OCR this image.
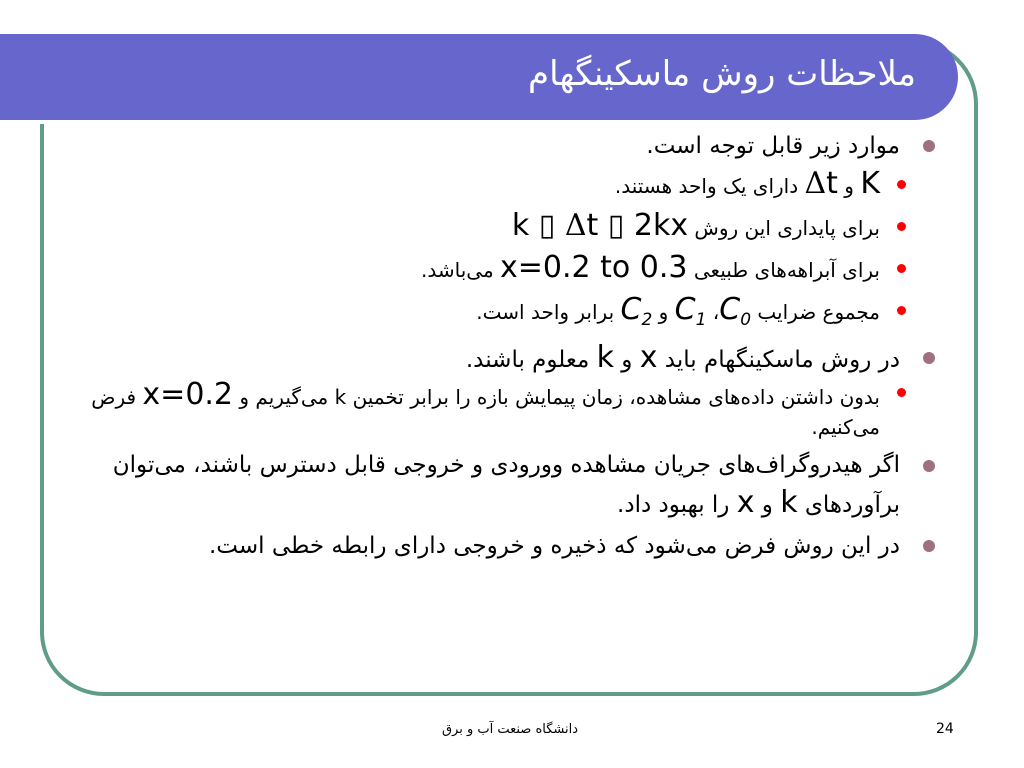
ملاحظات روش ماسکینگهام
موارد زیر قابل توجه است.
K و Δt دارای یک واحد هستند.
برای پایداری این روش k ▯ Δt ▯ 2kx
برای آبراهه‌های طبیعی x=0.2 to 0.3 می‌باشد.
مجموع ضرایب $C_0،$ $C_1$ و $C_2$ برابر واحد است.
در روش ماسکینگهام باید x و k معلوم باشند.
بدون داشتن داده‌های مشاهده، زمان پیمایش بازه را برابر تخمین k می‌گیریم و x=0.2 فرض می‌کنیم.
اگر هیدروگراف‌های جریان مشاهده وورودی و خروجی قابل دسترس باشند، می‌توان برآوردهای k و x را بهبود داد.
در این روش فرض می‌شود که ذخیره و خروجی دارای رابطه خطی است.
دانشگاه صنعت آب و برق	24
